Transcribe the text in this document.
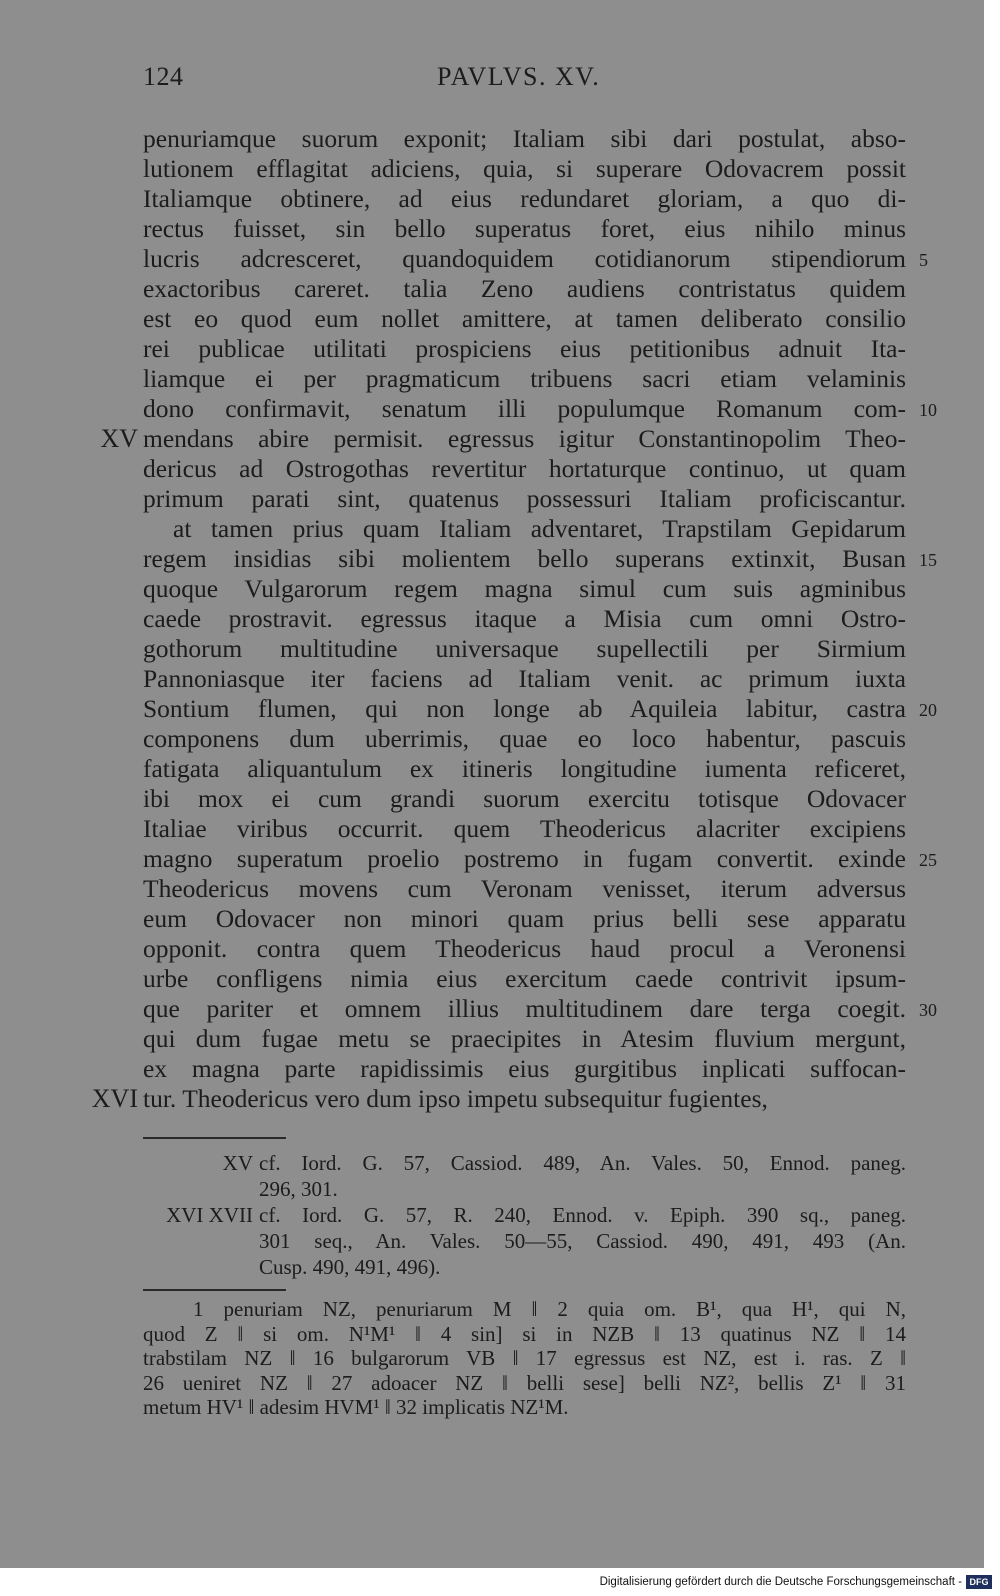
124	PAVLVS. XV.
penuriamque suorum exponit; Italiam sibi dari postulat, abso-
lutionem efflagitat adiciens, quia, si superare Odovacrem possit
Italiamque obtinere, ad eius redundaret gloriam, a quo di-
rectus fuisset, sin bello superatus foret, eius nihilo minus
lucris adcresceret, quandoquidem cotidianorum stipendiorum 5
exactoribus careret. talia Zeno audiens contristatus quidem
est eo quod eum nollet amittere, at tamen deliberato consilio
rei publicae utilitati prospiciens eius petitionibus adnuit Ita-
liamque ei per pragmaticum tribuens sacri etiam velaminis
dono confirmavit, senatum illi populumque Romanum com- 10
mendans abire permisit. egressus igitur Constantinopolim Theo-
XV
dericus ad Ostrogothas revertitur hortaturque continuo, ut quam
primum parati sint, quatenus possessuri Italiam proficiscantur.
at tamen prius quam Italiam adventaret, Trapstilam Gepidarum
regem insidias sibi molientem bello superans extinxit, Busan 15
quoque Vulgarorum regem magna simul cum suis agminibus
caede prostravit. egressus itaque a Misia cum omni Ostro-
gothorum multitudine universaque supellectili per Sirmium
Pannoniasque iter faciens ad Italiam venit. ac primum iuxta
Sontium flumen, qui non longe ab Aquileia labitur, castra 20
componens dum uberrimis, quae eo loco habentur, pascuis
fatigata aliquantulum ex itineris longitudine iumenta reficeret,
ibi mox ei cum grandi suorum exercitu totisque Odovacer
Italiae viribus occurrit. quem Theodericus alacriter excipiens
magno superatum proelio postremo in fugam convertit. exinde 25
Theodericus movens cum Veronam venisset, iterum adversus
eum Odovacer non minori quam prius belli sese apparatu
opponit. contra quem Theodericus haud procul a Veronensi
urbe confligens nimia eius exercitum caede contrivit ipsum-
que pariter et omnem illius multitudinem dare terga coegit. 30
qui dum fugae metu se praecipites in Atesim fluvium mergunt,
ex magna parte rapidissimis eius gurgitibus inplicati suffocan-
tur. Theodericus vero dum ipso impetu subsequitur fugientes,
XVI
XV cf. Iord. G. 57, Cassiod. 489, An. Vales. 50, Ennod. paneg.
296, 301.
XVI XVII cf. Iord. G. 57, R. 240, Ennod. v. Epiph. 390 sq., paneg.
301 seq., An. Vales. 50—55, Cassiod. 490, 491, 493 (An.
Cusp. 490, 491, 496).
1 penuriam NZ, penuriarum M ‖ 2 quia om. B¹, qua H¹, qui N,
quod Z ‖ si om. N¹M¹ ‖ 4 sin] si in NZB ‖ 13 quatinus NZ ‖ 14
trabstilam NZ ‖ 16 bulgarorum VB ‖ 17 egressus est NZ, est i. ras. Z ‖
26 ueniret NZ ‖ 27 adoacer NZ ‖ belli sese] belli NZ², bellis Z¹ ‖ 31
metum HV¹ ‖ adesim HVM¹ ‖ 32 implicatis NZ¹M.
Digitalisierung gefördert durch die Deutsche Forschungsgemeinschaft - DFG
